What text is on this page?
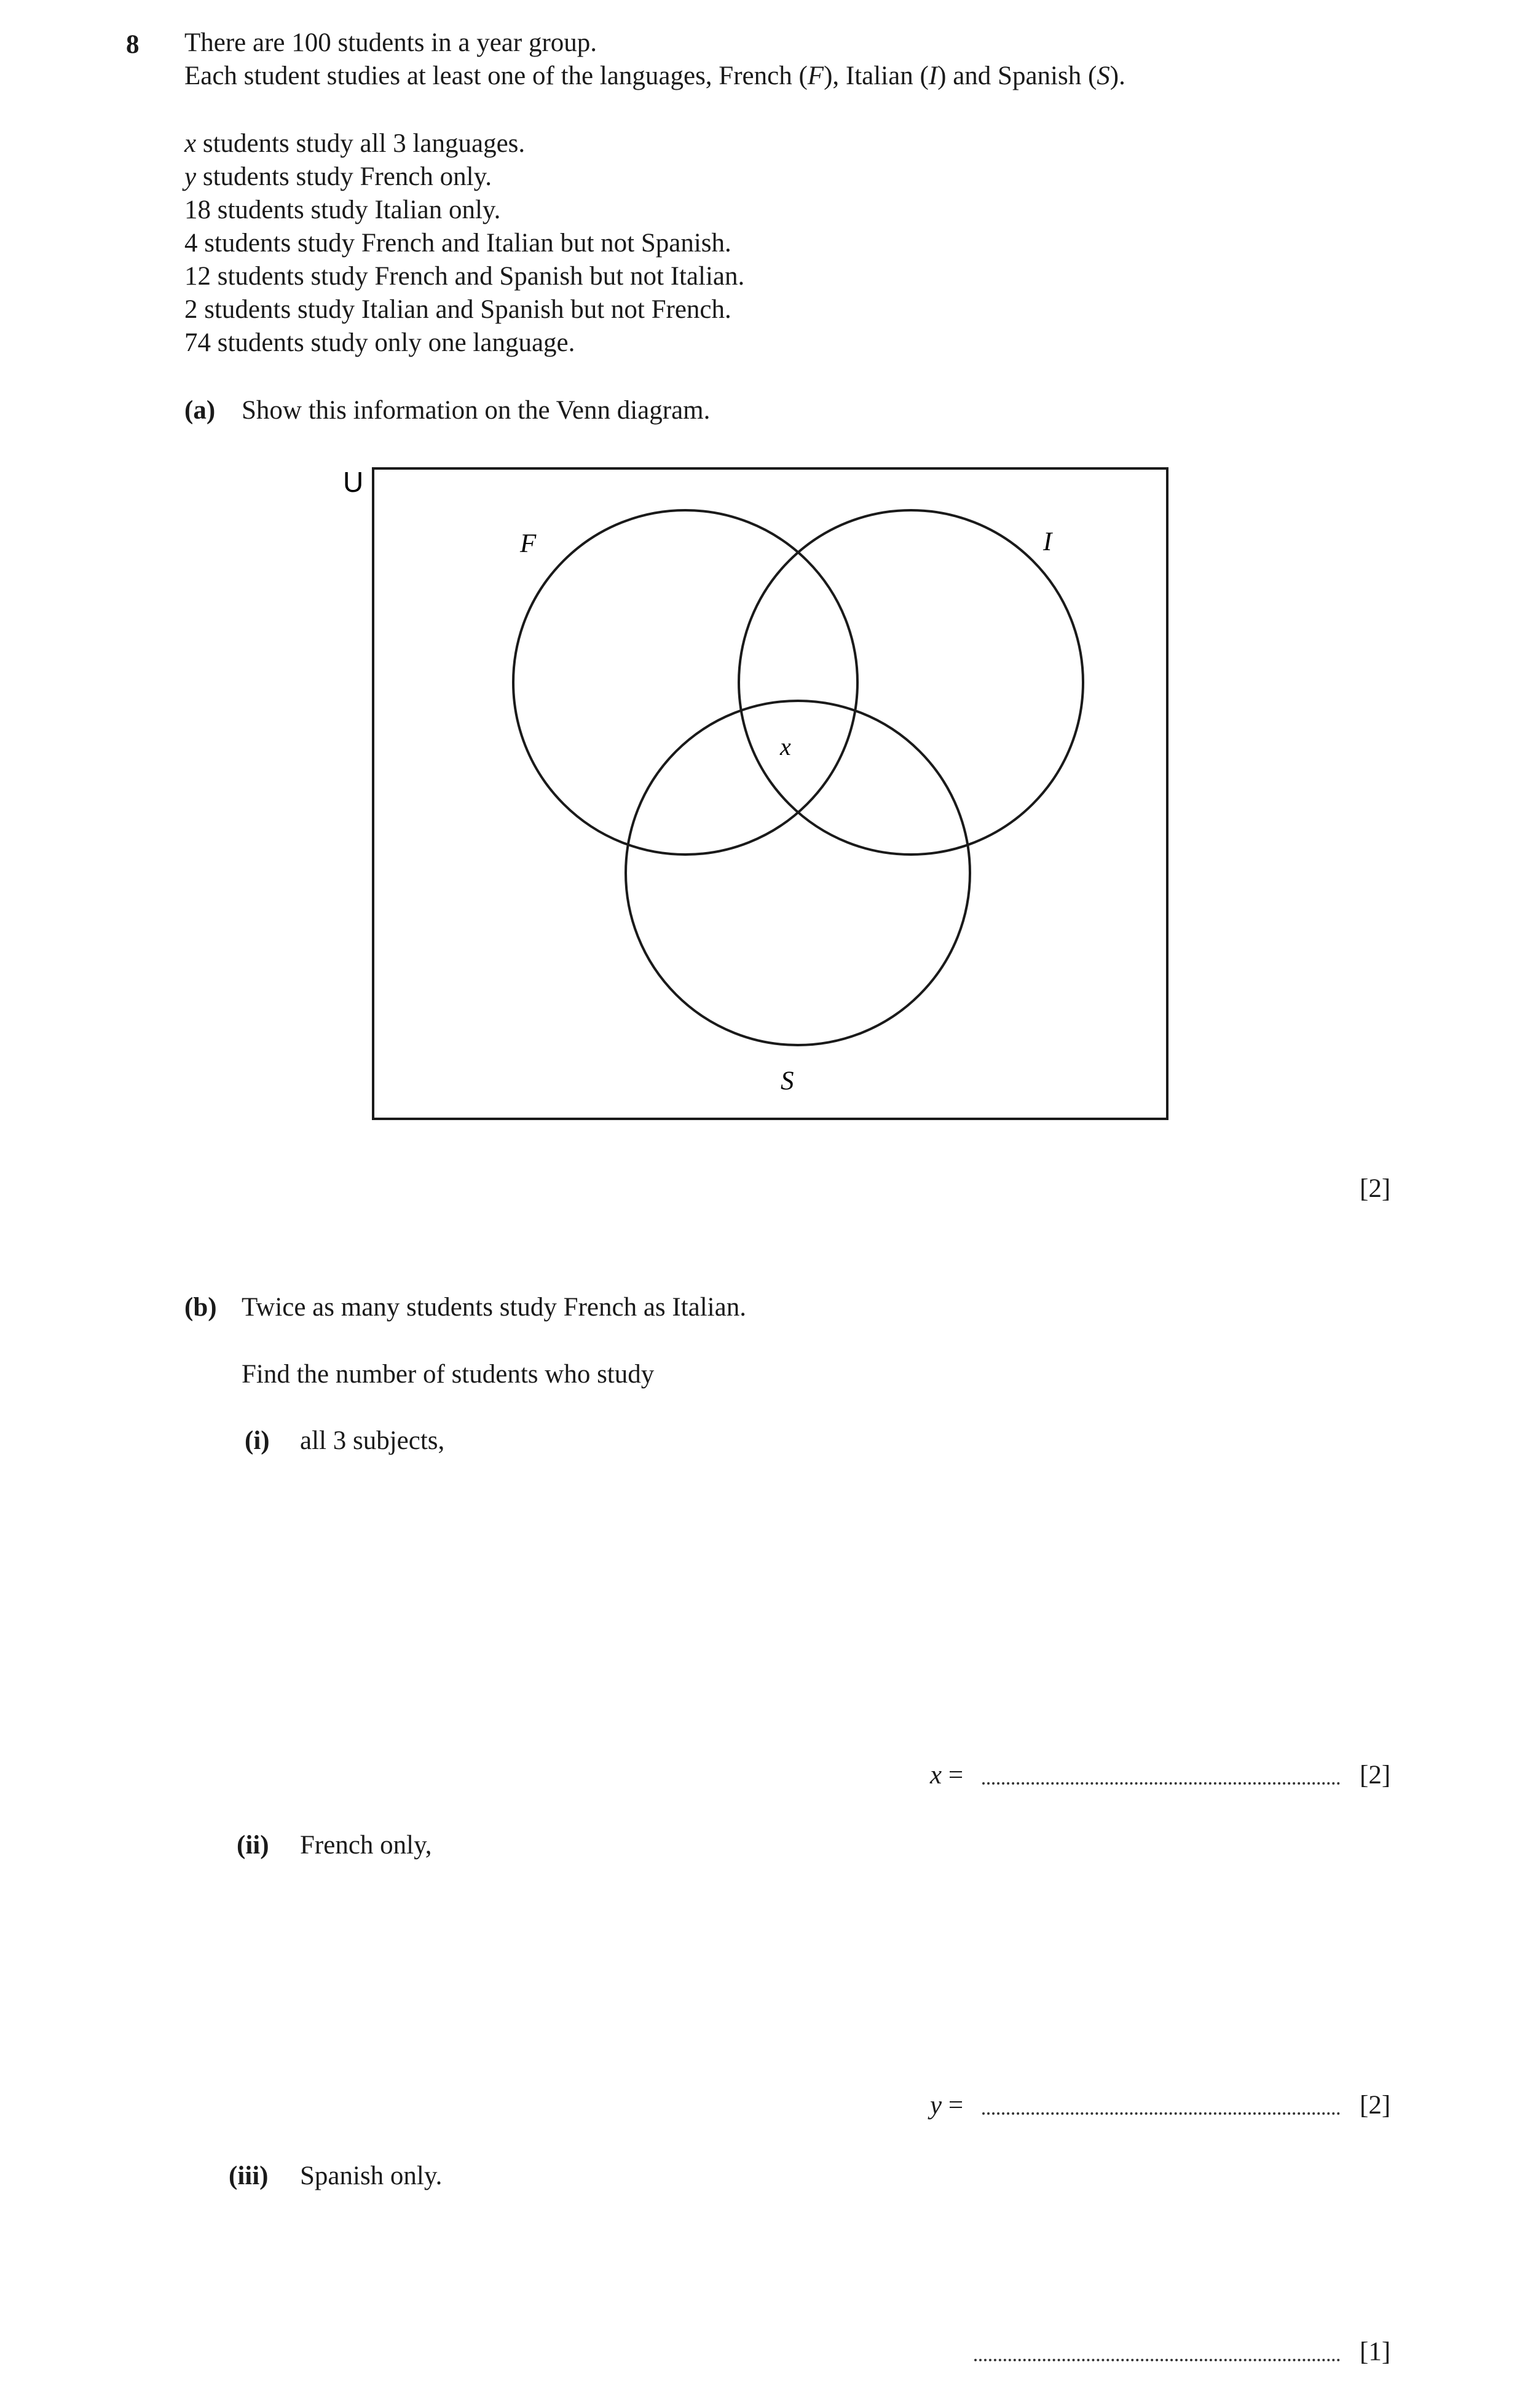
8 There are 100 students in a year group.
Each student studies at least one of the languages, French (F), Italian (I) and Spanish (S).
x students study all 3 languages.
y students study French only.
18 students study Italian only.
4 students study French and Italian but not Spanish.
12 students study French and Spanish but not Italian.
2 students study Italian and Spanish but not French.
74 students study only one language.
(a) Show this information on the Venn diagram.
U
F	I
S
x
[2]
(b) Twice as many students study French as Italian.
Find the number of students who study
(i) all 3 subjects,
x =	[2]
(ii) French only,
y =	[2]
(iii) Spanish only.
[1]
